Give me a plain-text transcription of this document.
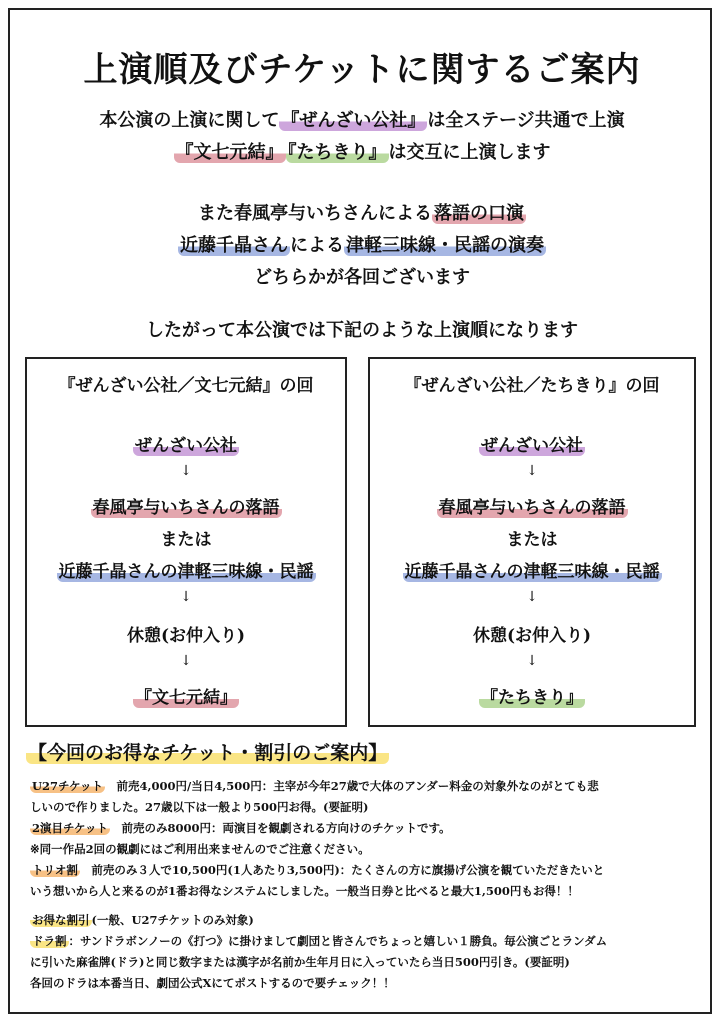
上演順及びチケットに関するご案内
本公演の上演に関して 『ぜんざい公社』 は全ステージ共通で上演
『文七元結』 『たちきり』 は交互に上演します
また春風亭与いちさんによる 落語の口演
近藤千晶さん による 津軽三味線・民謡の演奏
どちらかが各回ございます
したがって本公演では下記のような上演順になります
『ぜんざい公社／文七元結』の回
ぜんざい公社
↓
春風亭与いちさんの落語
または
近藤千晶さんの津軽三味線・民謡
↓
休憩(お仲入り)
↓
『文七元結』
『ぜんざい公社／たちきり』の回
ぜんざい公社
↓
春風亭与いちさんの落語
または
近藤千晶さんの津軽三味線・民謡
↓
休憩(お仲入り)
↓
『たちきり』
【今回のお得なチケット・割引のご案内】
U27チケット　前売4,000円/当日4,500円：主宰が今年27歳で大体のアンダー料金の対象外なのがとても悲
しいので作りました。27歳以下は一般より500円お得。(要証明)
2演目チケット　前売のみ8000円：両演目を観劇される方向けのチケットです。
※同一作品2回の観劇にはご利用出来ませんのでご注意ください。
トリオ割　前売のみ３人で10,500円(1人あたり3,500円)：たくさんの方に旗揚げ公演を観ていただきたいと
いう想いから人と来るのが1番お得なシステムにしました。一般当日券と比べると最大1,500円もお得！！
お得な割引 (一般、U27チケットのみ対象)
ドラ割 ：サンドラボンノーの《打つ》に掛けまして劇団と皆さんでちょっと嬉しい１勝負。毎公演ごとランダム
に引いた麻雀牌(ドラ)と同じ数字または漢字が名前か生年月日に入っていたら当日500円引き。(要証明)
各回のドラは本番当日、劇団公式Xにてポストするので要チェック！！
